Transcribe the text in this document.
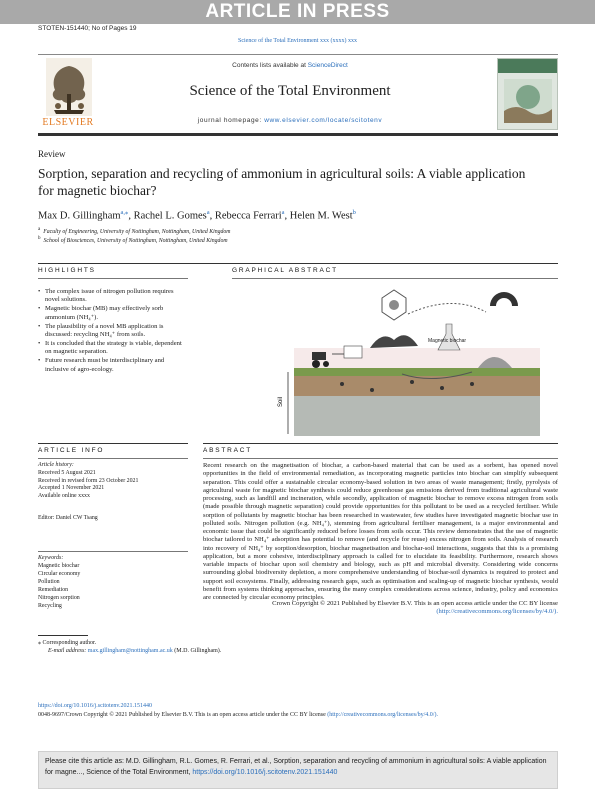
ARTICLE IN PRESS
STOTEN-151440; No of Pages 19
Science of the Total Environment xxx (xxxx) xxx
ELSEVIER
Contents lists available at ScienceDirect
Science of the Total Environment
journal homepage: www.elsevier.com/locate/scitotenv
Review
Sorption, separation and recycling of ammonium in agricultural soils: A viable application for magnetic biochar?
Max D. Gillingham$^{a,⁎}$, Rachel L. Gomes$^a$, Rebecca Ferrari$^a$, Helen M. West$^b$
$^a$ Faculty of Engineering, University of Nottingham, Nottingham, United Kingdom
$^b$ School of Biosciences, University of Nottingham, Nottingham, United Kingdom
HIGHLIGHTS	GRAPHICAL ABSTRACT
• The complex issue of nitrogen pollution requires novel solutions.
• Magnetic biochar (MB) may effectively sorb ammonium (NH₄⁺).
• The plausibility of a novel MB application is discussed: recycling NH₄⁺ from soils.
• It is concluded that the strategy is viable, dependent on magnetic separation.
• Future research must be interdisciplinary and inclusive of agro-ecology.
Soil
Magnetic biochar
ARTICLE INFO	ABSTRACT
Article history:
Received 5 August 2021
Received in revised form 23 October 2021
Accepted 1 November 2021
Available online xxxx
Editor: Daniel CW Tsang
Keywords:
Magnetic biochar
Circular economy
Pollution
Remediation
Nitrogen sorption
Recycling
Recent research on the magnetisation of biochar, a carbon-based material that can be used as a sorbent, has opened novel opportunities in the field of environmental remediation, as incorporating magnetic particles into biochar can simplify subsequent separation. This could offer a sustainable circular economy-based solution in two areas of waste management; firstly, pyrolysis of agricultural waste for magnetic biochar synthesis could reduce greenhouse gas emissions derived from traditional agricultural waste processing, such as landfill and incineration, while secondly, application of magnetic biochar to remove excess nitrogen from soils (made possible through magnetic separation) could provide opportunities for this pollutant to be used as a recycled fertiliser. While sorption of pollutants by magnetic biochar has been researched in wastewater, few studies have investigated magnetic biochar use in polluted soils. Nitrogen pollution (e.g. NH₄⁺), stemming from agricultural fertiliser management, is a major environmental and economic issue that could be significantly reduced before losses from soils occur. This review demonstrates that the use of magnetic biochar tailored to NH₄⁺ adsorption has potential to remove (and recycle for reuse) excess nitrogen from soils. Analysis of research into recovery of NH₄⁺ by sorption/desorption, biochar magnetisation and biochar-soil interactions, suggests that this is a promising application, but a more cohesive, interdisciplinary approach is called for to elucidate its feasibility. Furthermore, research shows variable impacts of biochar upon soil chemistry and biology, such as pH and microbial diversity. Considering wide concerns surrounding global biodiversity depletion, a more comprehensive understanding of biochar-soil dynamics is required to protect and support soil ecosystems. Finally, addressing research gaps, such as optimisation and scaling-up of magnetic biochar synthesis, would benefit from systems thinking approaches, ensuring the many complex considerations across science, industry, policy and economics are connected by circular economy principles.
Crown Copyright © 2021 Published by Elsevier B.V. This is an open access article under the CC BY license (http://creativecommons.org/licenses/by/4.0/).
⁎ Corresponding author.
E-mail address: max.gillingham@nottingham.ac.uk (M.D. Gillingham).
https://doi.org/10.1016/j.scitotenv.2021.151440
0048-9697/Crown Copyright © 2021 Published by Elsevier B.V. This is an open access article under the CC BY license (http://creativecommons.org/licenses/by/4.0/).
Please cite this article as: M.D. Gillingham, R.L. Gomes, R. Ferrari, et al., Sorption, separation and recycling of ammonium in agricultural soils: A viable application for magne..., Science of the Total Environment, https://doi.org/10.1016/j.scitotenv.2021.151440
